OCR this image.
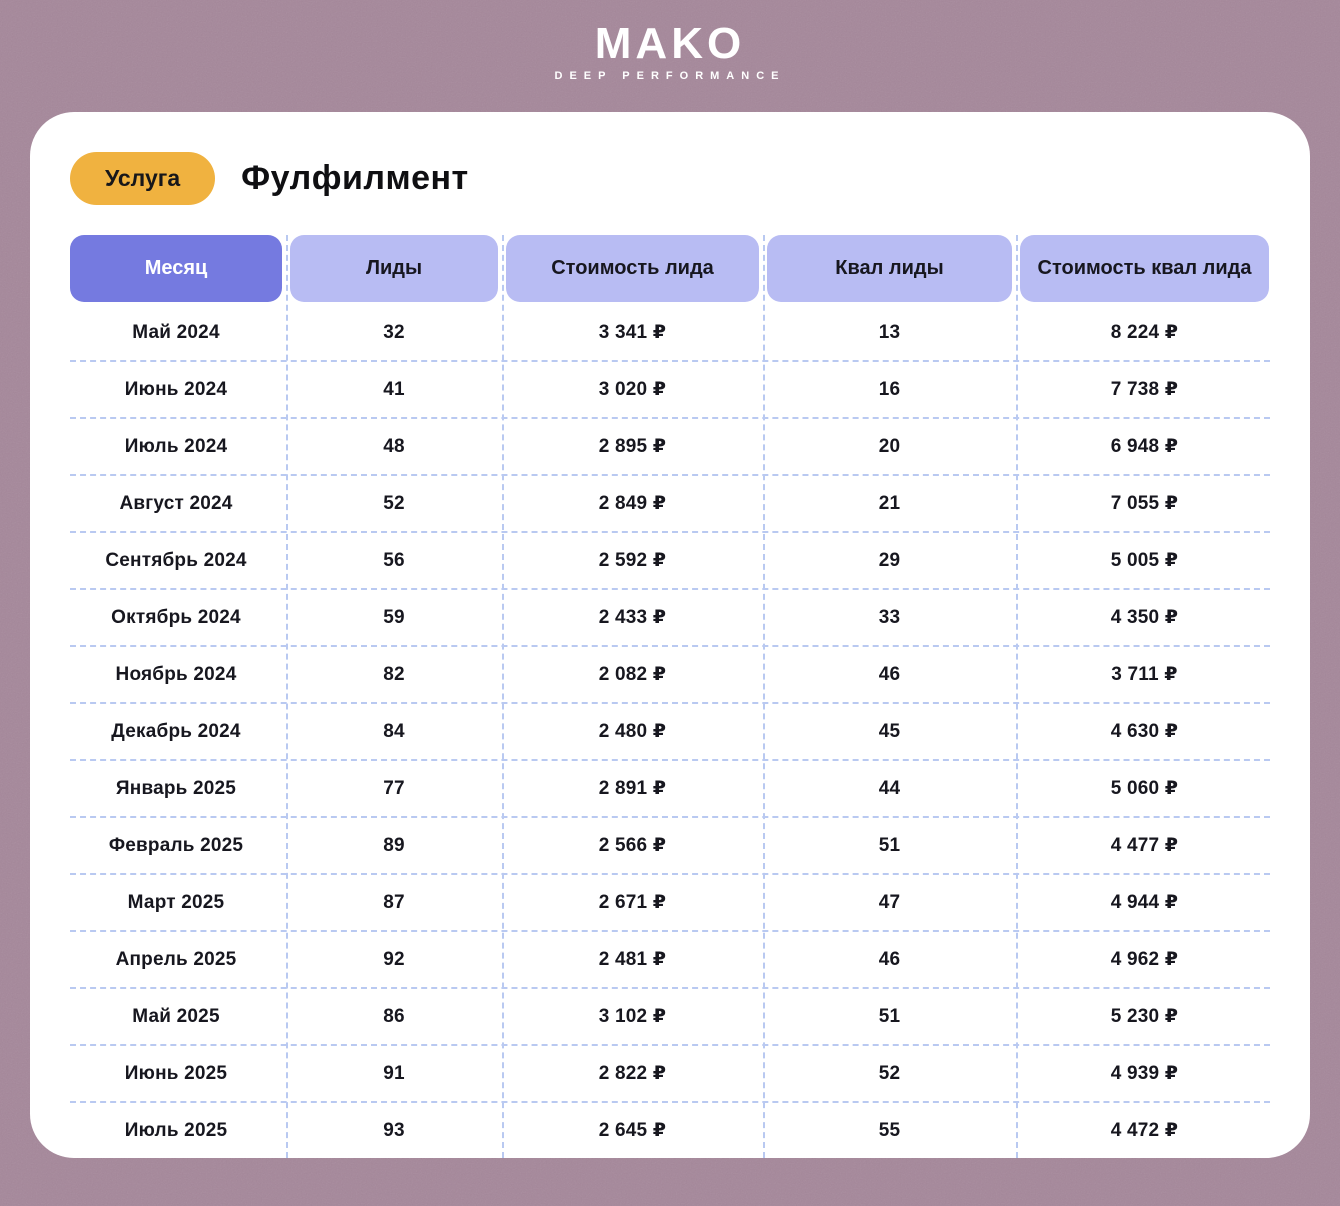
MAKO
DEEP PERFORMANCE
Услуга	Фулфилмент
Месяц	Лиды	Стоимость лида	Квал лиды	Стоимость квал лида
Май 2024	32	3 341 ₽	13	8 224 ₽
Июнь 2024	41	3 020 ₽	16	7 738 ₽
Июль 2024	48	2 895 ₽	20	6 948 ₽
Август 2024	52	2 849 ₽	21	7 055 ₽
Сентябрь 2024	56	2 592 ₽	29	5 005 ₽
Октябрь 2024	59	2 433 ₽	33	4 350 ₽
Ноябрь 2024	82	2 082 ₽	46	3 711 ₽
Декабрь 2024	84	2 480 ₽	45	4 630 ₽
Январь 2025	77	2 891 ₽	44	5 060 ₽
Февраль 2025	89	2 566 ₽	51	4 477 ₽
Март 2025	87	2 671 ₽	47	4 944 ₽
Апрель 2025	92	2 481 ₽	46	4 962 ₽
Май 2025	86	3 102 ₽	51	5 230 ₽
Июнь 2025	91	2 822 ₽	52	4 939 ₽
Июль 2025	93	2 645 ₽	55	4 472 ₽
